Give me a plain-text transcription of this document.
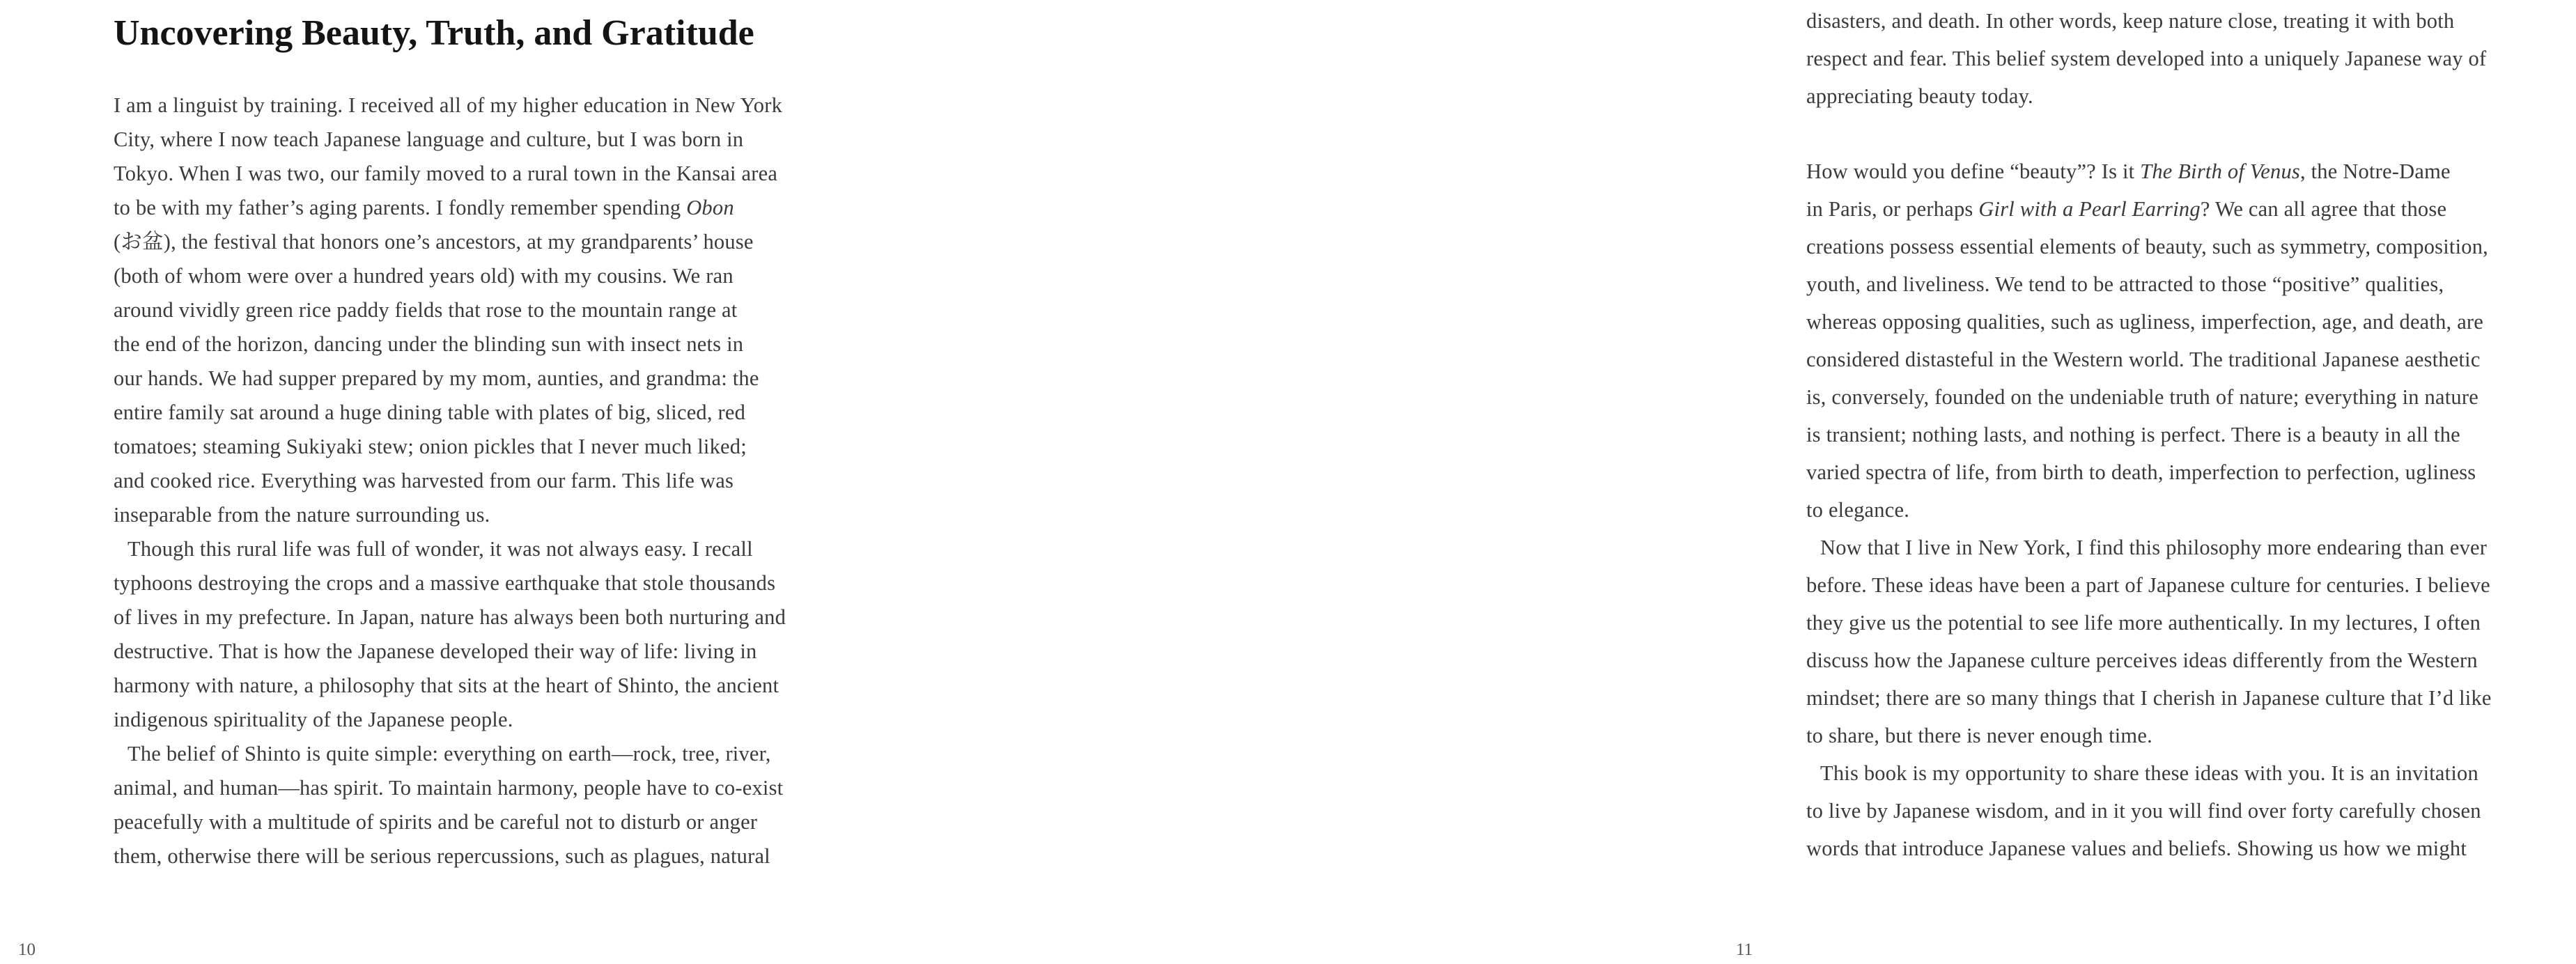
Uncovering Beauty, Truth, and Gratitude
I am a linguist by training. I received all of my higher education in New York
City, where I now teach Japanese language and culture, but I was born in
Tokyo. When I was two, our family moved to a rural town in the Kansai area
to be with my father’s aging parents. I fondly remember spending Obon
(お盆), the festival that honors one’s ancestors, at my grandparents’ house
(both of whom were over a hundred years old) with my cousins. We ran
around vividly green rice paddy fields that rose to the mountain range at
the end of the horizon, dancing under the blinding sun with insect nets in
our hands. We had supper prepared by my mom, aunties, and grandma: the
entire family sat around a huge dining table with plates of big, sliced, red
tomatoes; steaming Sukiyaki stew; onion pickles that I never much liked;
and cooked rice. Everything was harvested from our farm. This life was
inseparable from the nature surrounding us.
Though this rural life was full of wonder, it was not always easy. I recall
typhoons destroying the crops and a massive earthquake that stole thousands
of lives in my prefecture. In Japan, nature has always been both nurturing and
destructive. That is how the Japanese developed their way of life: living in
harmony with nature, a philosophy that sits at the heart of Shinto, the ancient
indigenous spirituality of the Japanese people.
The belief of Shinto is quite simple: everything on earth—rock, tree, river,
animal, and human—has spirit. To maintain harmony, people have to co-exist
peacefully with a multitude of spirits and be careful not to disturb or anger
them, otherwise there will be serious repercussions, such as plagues, natural
10
disasters, and death. In other words, keep nature close, treating it with both
respect and fear. This belief system developed into a uniquely Japanese way of
appreciating beauty today.
How would you define “beauty”? Is it The Birth of Venus, the Notre-Dame
in Paris, or perhaps Girl with a Pearl Earring? We can all agree that those
creations possess essential elements of beauty, such as symmetry, composition,
youth, and liveliness. We tend to be attracted to those “positive” qualities,
whereas opposing qualities, such as ugliness, imperfection, age, and death, are
considered distasteful in the Western world. The traditional Japanese aesthetic
is, conversely, founded on the undeniable truth of nature; everything in nature
is transient; nothing lasts, and nothing is perfect. There is a beauty in all the
varied spectra of life, from birth to death, imperfection to perfection, ugliness
to elegance.
Now that I live in New York, I find this philosophy more endearing than ever
before. These ideas have been a part of Japanese culture for centuries. I believe
they give us the potential to see life more authentically. In my lectures, I often
discuss how the Japanese culture perceives ideas differently from the Western
mindset; there are so many things that I cherish in Japanese culture that I’d like
to share, but there is never enough time.
This book is my opportunity to share these ideas with you. It is an invitation
to live by Japanese wisdom, and in it you will find over forty carefully chosen
words that introduce Japanese values and beliefs. Showing us how we might
11
